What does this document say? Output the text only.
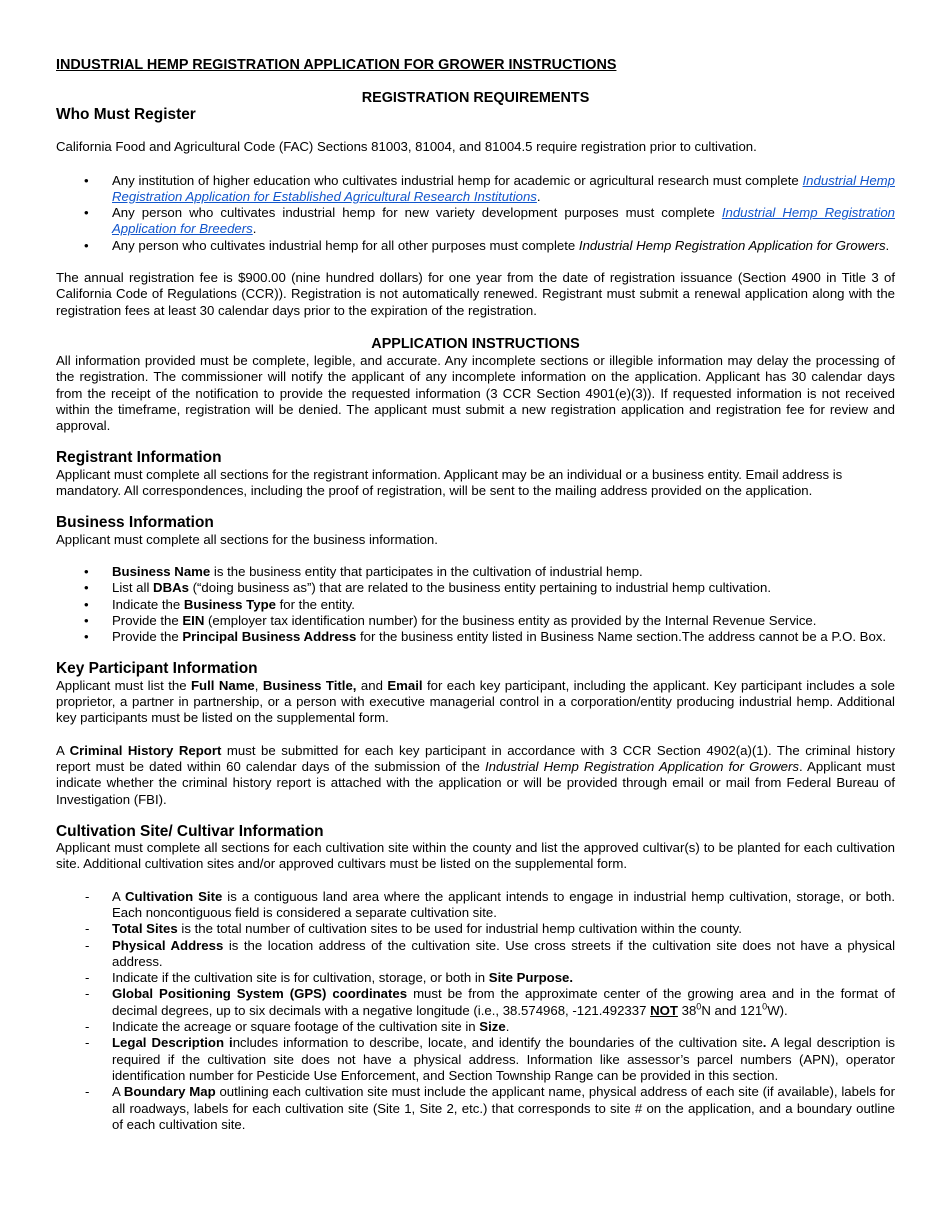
INDUSTRIAL HEMP REGISTRATION APPLICATION FOR GROWER INSTRUCTIONS
REGISTRATION REQUIREMENTS
Who Must Register

California Food and Agricultural Code (FAC) Sections 81003, 81004, and 81004.5 require registration prior to cultivation.

• Any institution of higher education who cultivates industrial hemp for academic or agricultural research must complete Industrial Hemp Registration Application for Established Agricultural Research Institutions.
• Any person who cultivates industrial hemp for new variety development purposes must complete Industrial Hemp Registration Application for Breeders.
• Any person who cultivates industrial hemp for all other purposes must complete Industrial Hemp Registration Application for Growers.

The annual registration fee is $900.00 (nine hundred dollars) for one year from the date of registration issuance (Section 4900 in Title 3 of California Code of Regulations (CCR)). Registration is not automatically renewed. Registrant must submit a renewal application along with the registration fees at least 30 calendar days prior to the expiration of the registration.

APPLICATION INSTRUCTIONS

All information provided must be complete, legible, and accurate. Any incomplete sections or illegible information may delay the processing of the registration. The commissioner will notify the applicant of any incomplete information on the application. Applicant has 30 calendar days from the receipt of the notification to provide the requested information (3 CCR Section 4901(e)(3)). If requested information is not received within the timeframe, registration will be denied. The applicant must submit a new registration application and registration fee for review and approval.

Registrant Information

Applicant must complete all sections for the registrant information. Applicant may be an individual or a business entity. Email address is mandatory. All correspondences, including the proof of registration, will be sent to the mailing address provided on the application.

Business Information

Applicant must complete all sections for the business information.

• Business Name is the business entity that participates in the cultivation of industrial hemp.
• List all DBAs (“doing business as”) that are related to the business entity pertaining to industrial hemp cultivation.
• Indicate the Business Type for the entity.
• Provide the EIN (employer tax identification number) for the business entity as provided by the Internal Revenue Service.
• Provide the Principal Business Address for the business entity listed in Business Name section.The address cannot be a P.O. Box.
Key Participant Information

Applicant must list the Full Name, Business Title, and Email for each key participant, including the applicant. Key participant includes a sole proprietor, a partner in partnership, or a person with executive managerial control in a corporation/entity producing industrial hemp. Additional key participants must be listed on the supplemental form.

A Criminal History Report must be submitted for each key participant in accordance with 3 CCR Section 4902(a)(1). The criminal history report must be dated within 60 calendar days of the submission of the Industrial Hemp Registration Application for Growers. Applicant must indicate whether the criminal history report is attached with the application or will be provided through email or mail from Federal Bureau of Investigation (FBI).

Cultivation Site/ Cultivar Information

Applicant must complete all sections for each cultivation site within the county and list the approved cultivar(s) to be planted for each cultivation site. Additional cultivation sites and/or approved cultivars must be listed on the supplemental form.

- A Cultivation Site is a contiguous land area where the applicant intends to engage in industrial hemp cultivation, storage, or both. Each noncontiguous field is considered a separate cultivation site.
- Total Sites is the total number of cultivation sites to be used for industrial hemp cultivation within the county.
- Physical Address is the location address of the cultivation site. Use cross streets if the cultivation site does not have a physical address.
- Indicate if the cultivation site is for cultivation, storage, or both in Site Purpose.
- Global Positioning System (GPS) coordinates must be from the approximate center of the growing area and in the format of decimal degrees, up to six decimals with a negative longitude (i.e., 38.574968, -121.492337 NOT $38^0N$ and $121^0W$).
- Indicate the acreage or square footage of the cultivation site in Size.
- Legal Description includes information to describe, locate, and identify the boundaries of the cultivation site. A legal description is required if the cultivation site does not have a physical address. Information like assessor’s parcel numbers (APN), operator identification number for Pesticide Use Enforcement, and Section Township Range can be provided in this section.
- A Boundary Map outlining each cultivation site must include the applicant name, physical address of each site (if available), labels for all roadways, labels for each cultivation site (Site 1, Site 2, etc.) that corresponds to site # on the application, and a boundary outline of each cultivation site.
